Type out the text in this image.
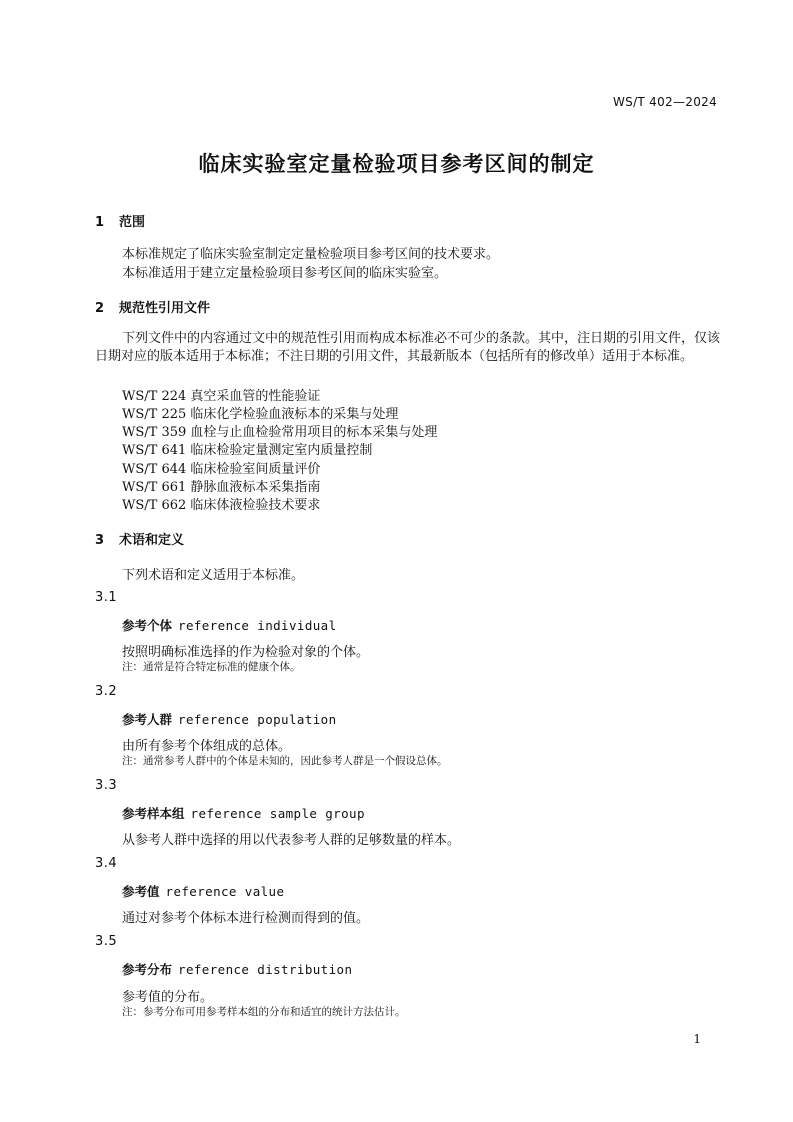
WS/T 402—2024
临床实验室定量检验项目参考区间的制定
1 范围
本标准规定了临床实验室制定定量检验项目参考区间的技术要求。
本标准适用于建立定量检验项目参考区间的临床实验室。
2 规范性引用文件
下列文件中的内容通过文中的规范性引用而构成本标准必不可少的条款。其中，注日期的引用文件，仅该日期对应的版本适用于本标准；不注日期的引用文件，其最新版本（包括所有的修改单）适用于本标准。
WS/T 224 真空采血管的性能验证
WS/T 225 临床化学检验血液标本的采集与处理
WS/T 359 血栓与止血检验常用项目的标本采集与处理
WS/T 641 临床检验定量测定室内质量控制
WS/T 644 临床检验室间质量评价
WS/T 661 静脉血液标本采集指南
WS/T 662 临床体液检验技术要求
3 术语和定义
下列术语和定义适用于本标准。
3.1
参考个体 reference individual
按照明确标准选择的作为检验对象的个体。
注：通常是符合特定标准的健康个体。
3.2
参考人群 reference population
由所有参考个体组成的总体。
注：通常参考人群中的个体是未知的，因此参考人群是一个假设总体。
3.3
参考样本组 reference sample group
从参考人群中选择的用以代表参考人群的足够数量的样本。
3.4
参考值 reference value
通过对参考个体标本进行检测而得到的值。
3.5
参考分布 reference distribution
参考值的分布。
注：参考分布可用参考样本组的分布和适宜的统计方法估计。
1
